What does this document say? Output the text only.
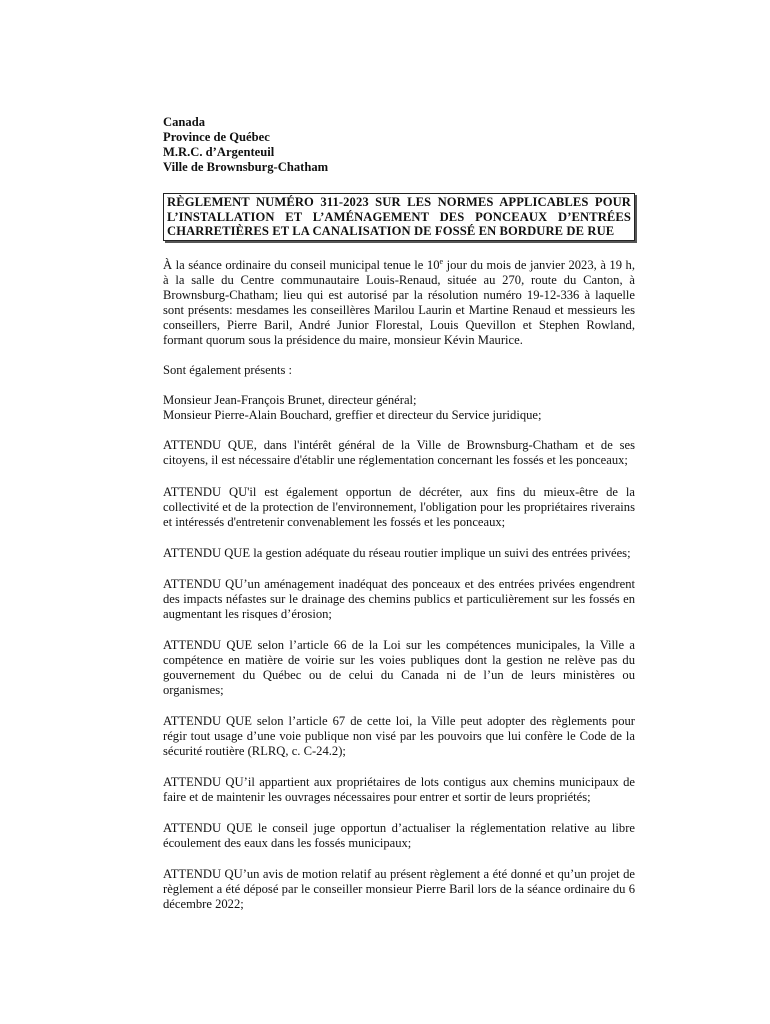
Canada

Province de Québec

M.R.C. d’Argenteuil

Ville de Brownsburg-Chatham

RÈGLEMENT NUMÉRO 311-2023 SUR LES NORMES APPLICABLES POUR L’INSTALLATION ET L’AMÉNAGEMENT DES PONCEAUX D’ENTRÉES CHARRETIÈRES ET LA CANALISATION DE FOSSÉ EN BORDURE DE RUE

À la séance ordinaire du conseil municipal tenue le 10e jour du mois de janvier 2023, à 19 h, à la salle du Centre communautaire Louis-Renaud, située au 270, route du Canton, à Brownsburg-Chatham; lieu qui est autorisé par la résolution numéro 19-12-336 à laquelle sont présents: mesdames les conseillères Marilou Laurin et Martine Renaud et messieurs les conseillers, Pierre Baril, André Junior Florestal, Louis Quevillon et Stephen Rowland, formant quorum sous la présidence du maire, monsieur Kévin Maurice.

Sont également présents :

Monsieur Jean-François Brunet, directeur général;

Monsieur Pierre-Alain Bouchard, greffier et directeur du Service juridique;

ATTENDU QUE, dans l'intérêt général de la Ville de Brownsburg-Chatham et de ses citoyens, il est nécessaire d'établir une réglementation concernant les fossés et les ponceaux;

ATTENDU QU'il est également opportun de décréter, aux fins du mieux-être de la collectivité et de la protection de l'environnement, l'obligation pour les propriétaires riverains et intéressés d'entretenir convenablement les fossés et les ponceaux;

ATTENDU QUE la gestion adéquate du réseau routier implique un suivi des entrées privées;

ATTENDU QU’un aménagement inadéquat des ponceaux et des entrées privées engendrent des impacts néfastes sur le drainage des chemins publics et particulièrement sur les fossés en augmentant les risques d’érosion;

ATTENDU QUE selon l’article 66 de la Loi sur les compétences municipales, la Ville a compétence en matière de voirie sur les voies publiques dont la gestion ne relève pas du gouvernement du Québec ou de celui du Canada ni de l’un de leurs ministères ou organismes;

ATTENDU QUE selon l’article 67 de cette loi, la Ville peut adopter des règlements pour régir tout usage d’une voie publique non visé par les pouvoirs que lui confère le Code de la sécurité routière (RLRQ, c. C-24.2);

ATTENDU QU’il appartient aux propriétaires de lots contigus aux chemins municipaux de faire et de maintenir les ouvrages nécessaires pour entrer et sortir de leurs propriétés;

ATTENDU QUE le conseil juge opportun d’actualiser la réglementation relative au libre écoulement des eaux dans les fossés municipaux;

ATTENDU QU’un avis de motion relatif au présent règlement a été donné et qu’un projet de règlement a été déposé par le conseiller monsieur Pierre Baril lors de la séance ordinaire du 6 décembre 2022;
